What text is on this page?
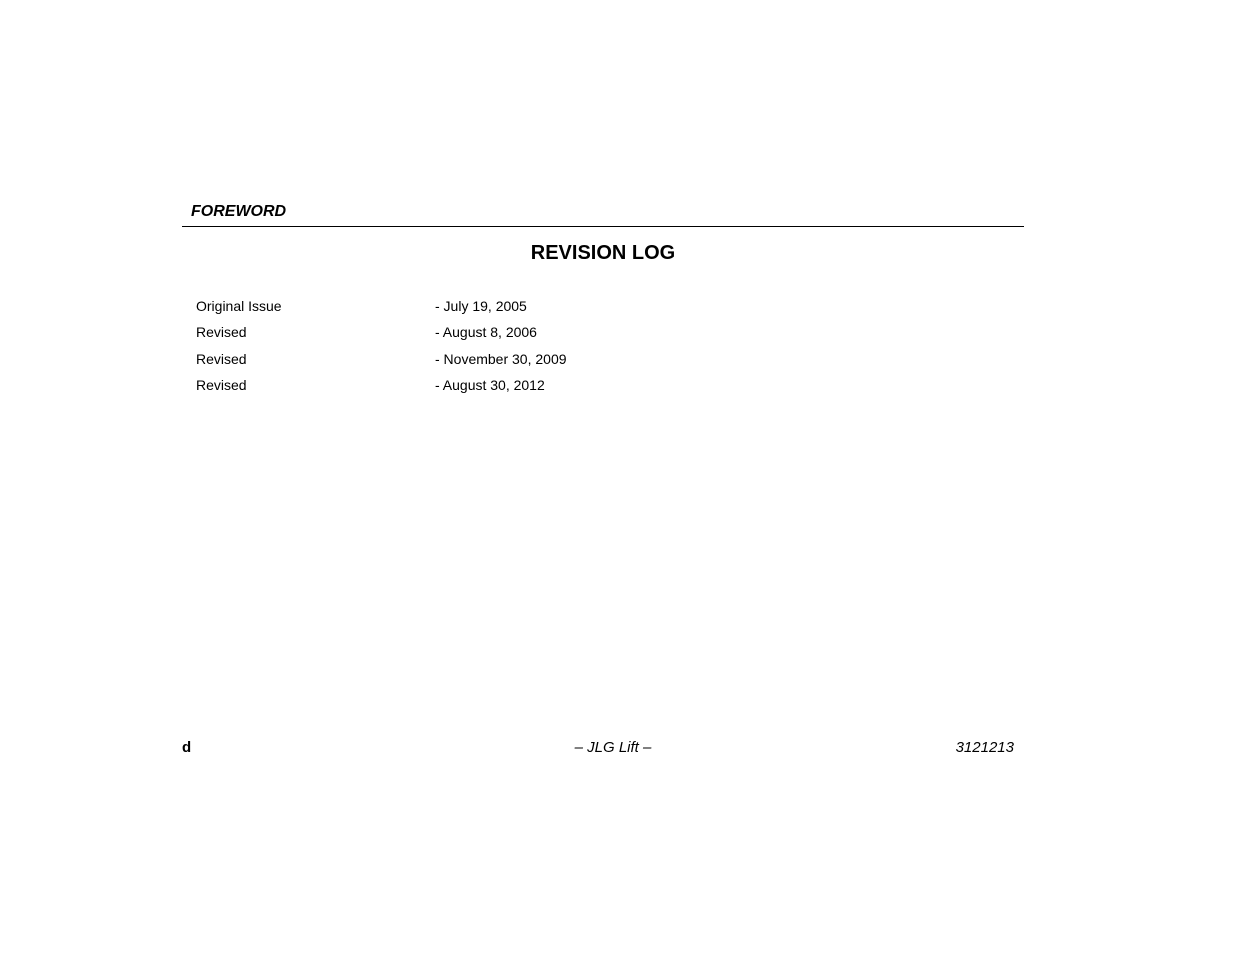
FOREWORD
REVISION LOG
Original Issue	- July 19, 2005
Revised	- August 8, 2006
Revised	- November 30, 2009
Revised	- August 30, 2012
d	– JLG Lift –	3121213
